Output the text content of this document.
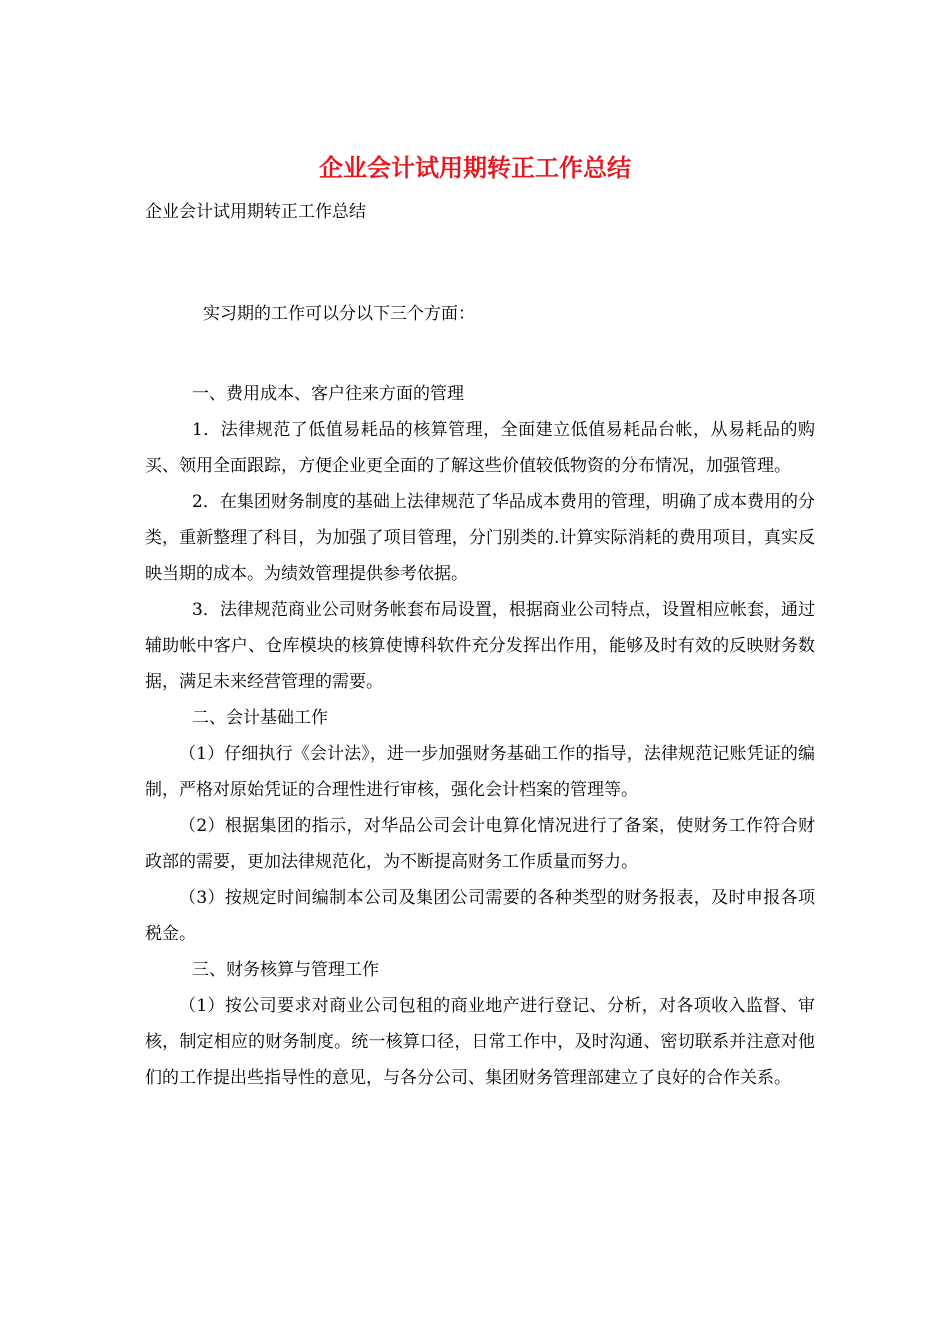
企业会计试用期转正工作总结
企业会计试用期转正工作总结

实习期的工作可以分以下三个方面：

一、费用成本、客户往来方面的管理

1．法律规范了低值易耗品的核算管理，全面建立低值易耗品台帐，从易耗品的购买、领用全面跟踪，方便企业更全面的了解这些价值较低物资的分布情况，加强管理。

2．在集团财务制度的基础上法律规范了华品成本费用的管理，明确了成本费用的分类，重新整理了科目，为加强了项目管理，分门别类的.计算实际消耗的费用项目，真实反映当期的成本。为绩效管理提供参考依据。

3．法律规范商业公司财务帐套布局设置，根据商业公司特点，设置相应帐套，通过辅助帐中客户、仓库模块的核算使博科软件充分发挥出作用，能够及时有效的反映财务数据，满足未来经营管理的需要。

二、会计基础工作

（1）仔细执行《会计法》，进一步加强财务基础工作的指导，法律规范记账凭证的编制，严格对原始凭证的合理性进行审核，强化会计档案的管理等。

（2）根据集团的指示，对华品公司会计电算化情况进行了备案，使财务工作符合财政部的需要，更加法律规范化，为不断提高财务工作质量而努力。

（3）按规定时间编制本公司及集团公司需要的各种类型的财务报表，及时申报各项税金。

三、财务核算与管理工作

（1）按公司要求对商业公司包租的商业地产进行登记、分析，对各项收入监督、审核，制定相应的财务制度。统一核算口径，日常工作中，及时沟通、密切联系并注意对他们的工作提出些指导性的意见，与各分公司、集团财务管理部建立了良好的合作关系。
